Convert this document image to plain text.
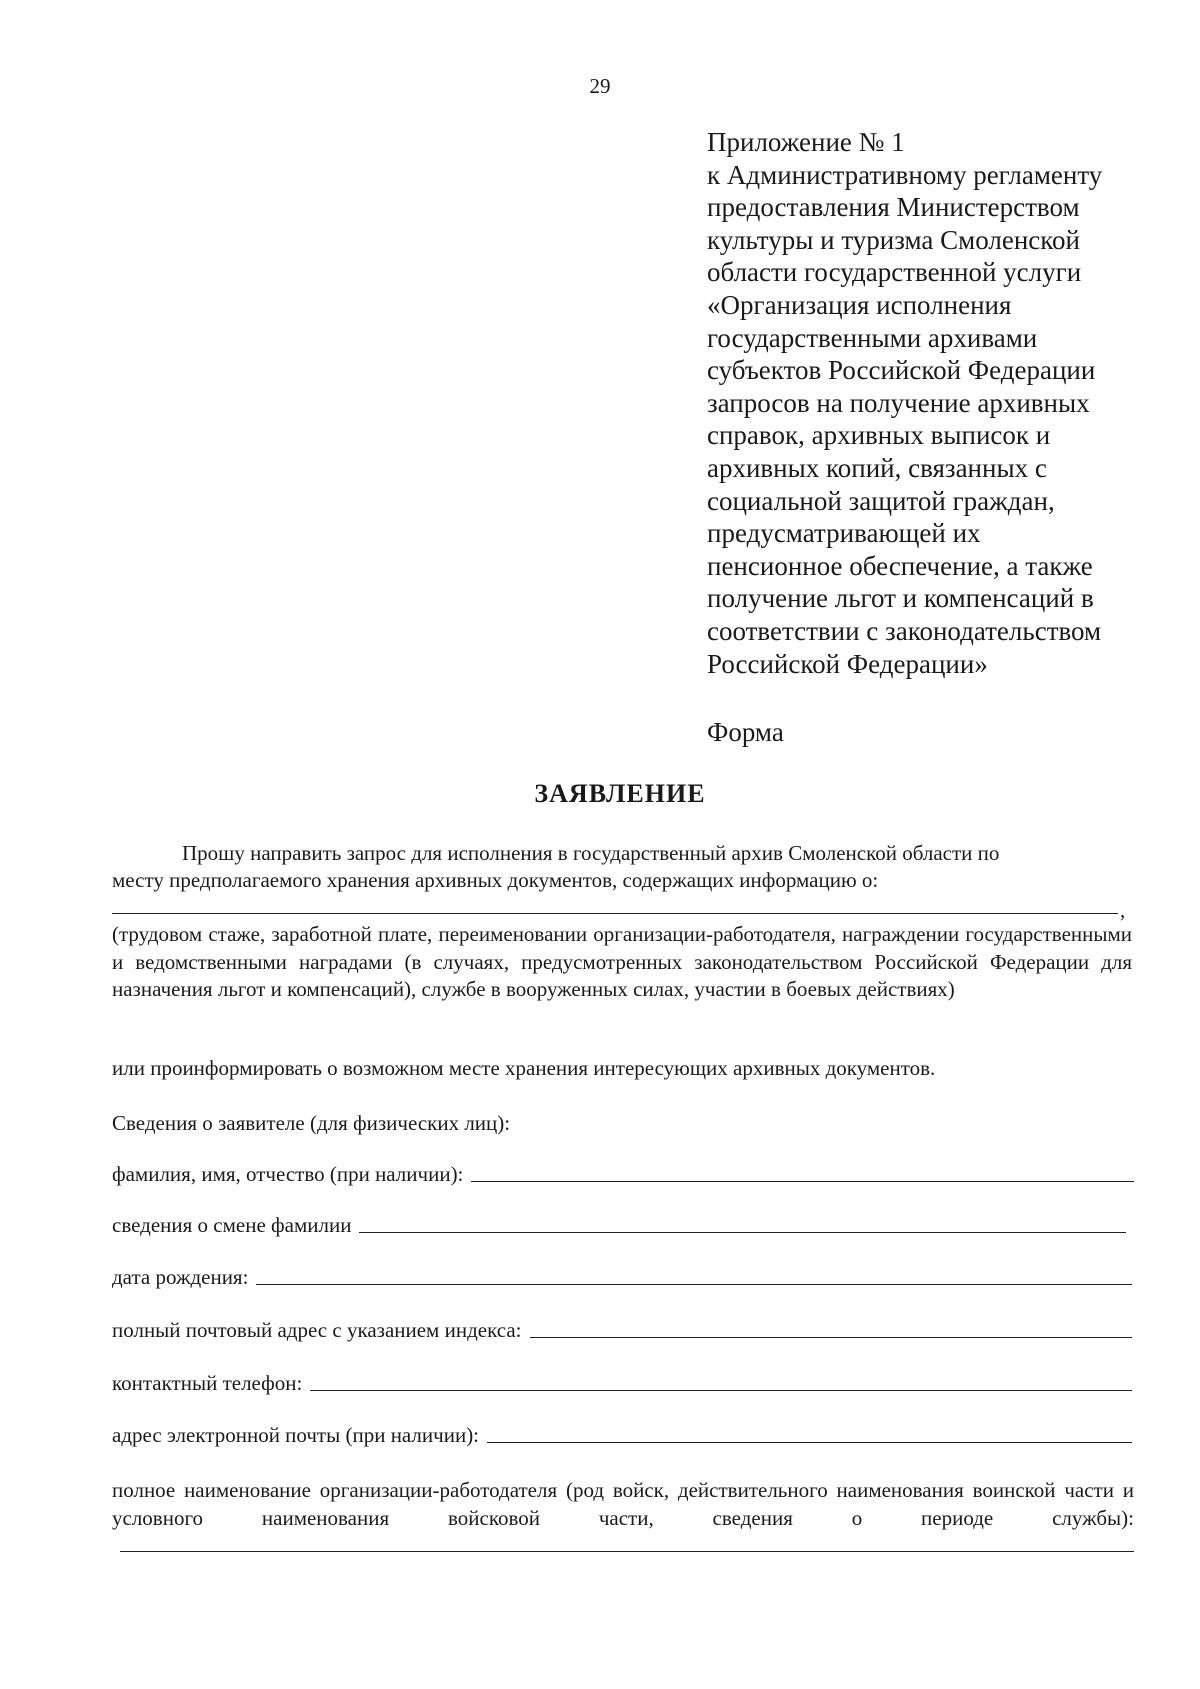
29
Приложение № 1
к Административному регламенту
предоставления Министерством
культуры и туризма Смоленской
области государственной услуги
«Организация исполнения
государственными архивами
субъектов Российской Федерации
запросов на получение архивных
справок, архивных выписок и
архивных копий, связанных с
социальной защитой граждан,
предусматривающей их
пенсионное обеспечение, а также
получение льгот и компенсаций в
соответствии с законодательством
Российской Федерации»
Форма
ЗАЯВЛЕНИЕ
Прошу направить запрос для исполнения в государственный архив Смоленской области по
месту предполагаемого хранения архивных документов, содержащих информацию о:
,
(трудовом стаже, заработной плате, переименовании организации-работодателя, награждении государственными и ведомственными наградами (в случаях, предусмотренных законодательством Российской Федерации для назначения льгот и компенсаций), службе в вооруженных силах, участии в боевых действиях)
или проинформировать о возможном месте хранения интересующих архивных документов.
Сведения о заявителе (для физических лиц):
фамилия, имя, отчество (при наличии):
сведения о смене фамилии
дата рождения:
полный почтовый адрес с указанием индекса:
контактный телефон:
адрес электронной почты (при наличии):
полное наименование организации-работодателя (род войск, действительного наименования воинской части и условного наименования войсковой части, сведения о периоде службы):
